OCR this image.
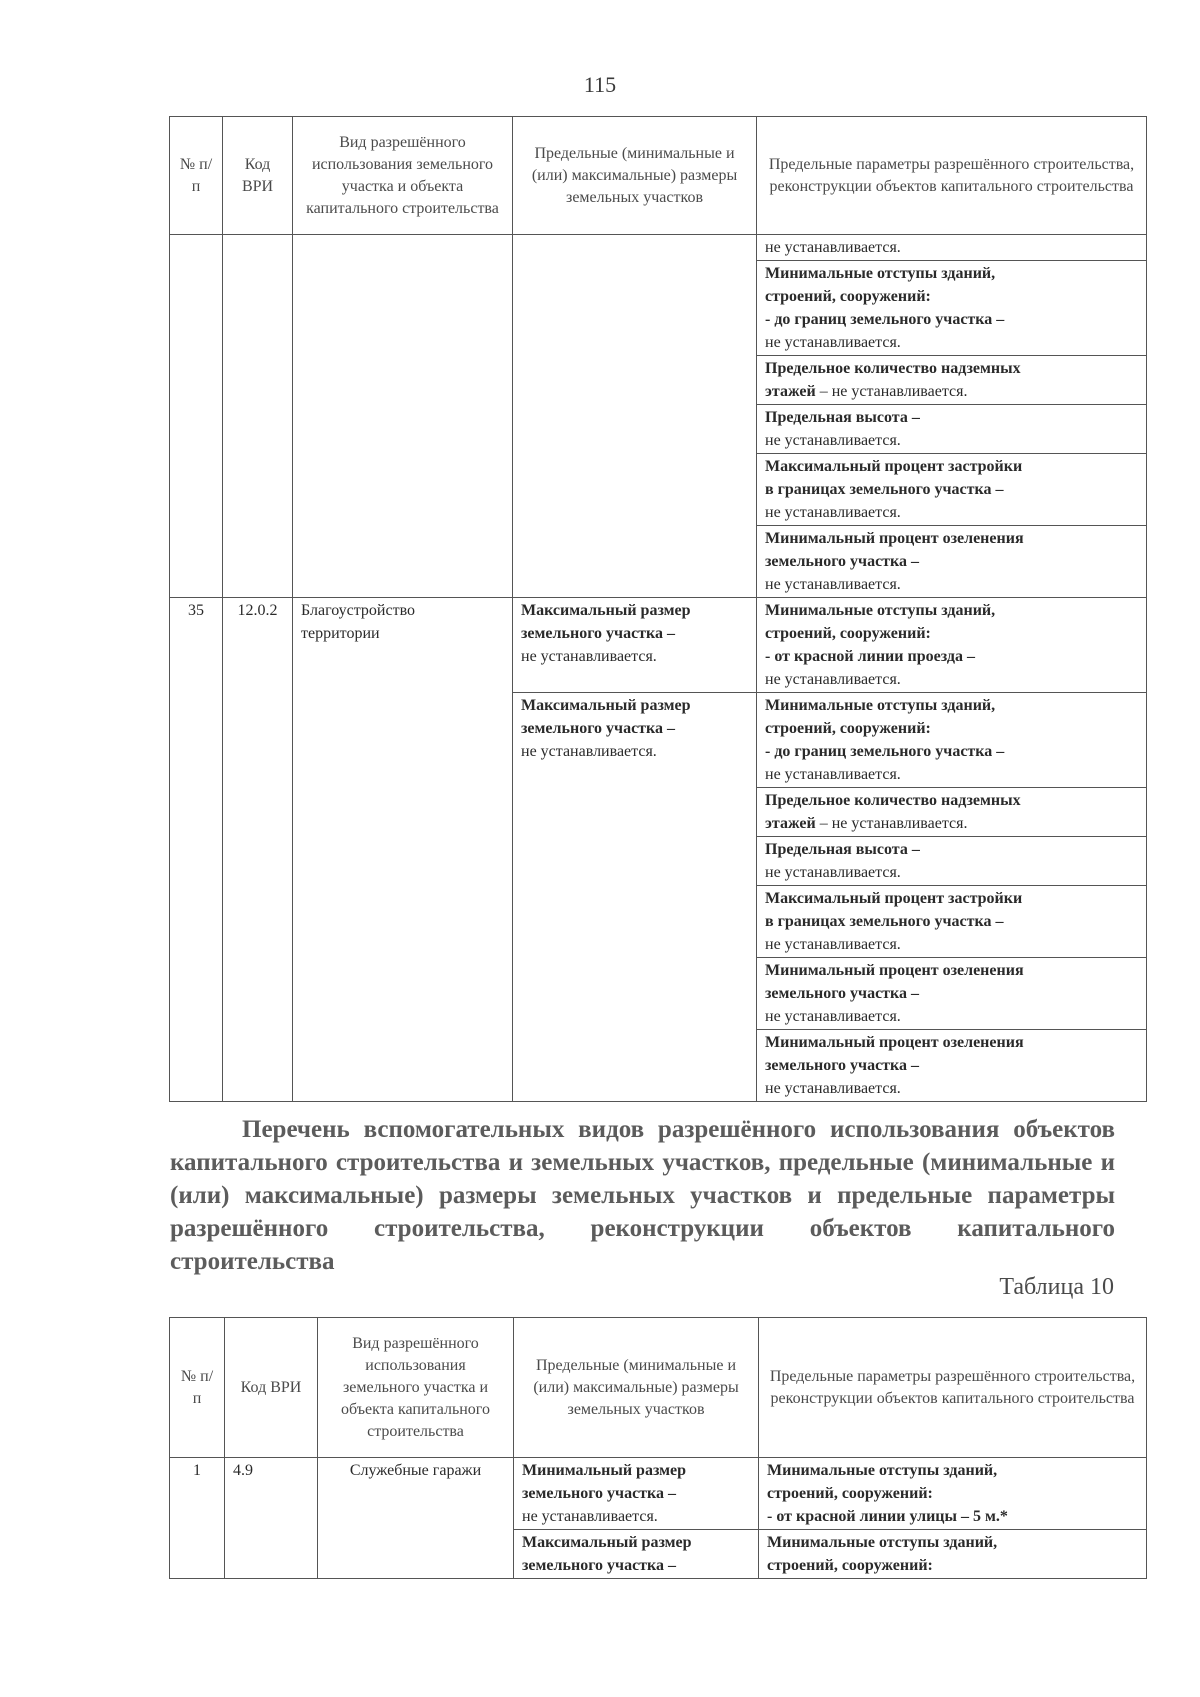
115
№ п/п	Код ВРИ	Вид разрешённого использования земельного участка и объекта капитального строительства	Предельные (минимальные и (или) максимальные) размеры земельных участков	Предельные параметры разрешённого строительства, реконструкции объектов капитального строительства

				не устанавливается.

				Минимальные отступы зданий,
строений, сооружений:
- до границ земельного участка –
не устанавливается.

				Предельное количество надземных
этажей – не устанавливается.

				Предельная высота –
не устанавливается.

				Максимальный процент застройки
в границах земельного участка –
не устанавливается.

				Минимальный процент озеленения
земельного участка –
не устанавливается.

35	12.0.2	Благоустройство
территории	Максимальный размер
земельного участка –
не устанавливается.	Минимальные отступы зданий,
строений, сооружений:
- от красной линии проезда –
не устанавливается.

			Максимальный размер
земельного участка –
не устанавливается.	Минимальные отступы зданий,
строений, сооружений:
- до границ земельного участка –
не устанавливается.

				Предельное количество надземных
этажей – не устанавливается.

				Предельная высота –
не устанавливается.

				Максимальный процент застройки
в границах земельного участка –
не устанавливается.

				Минимальный процент озеленения
земельного участка –
не устанавливается.

				Минимальный процент озеленения
земельного участка –
не устанавливается.
Перечень вспомогательных видов разрешённого использования объектов капитального строительства и земельных участков, предельные (минимальные и (или) максимальные) размеры земельных участков и предельные параметры разрешённого строительства, реконструкции объектов капитального строительства
Таблица 10
№ п/п	Код ВРИ	Вид разрешённого использования земельного участка и объекта капитального строительства	Предельные (минимальные и (или) максимальные) размеры земельных участков	Предельные параметры разрешённого строительства, реконструкции объектов капитального строительства
1	4.9	Служебные гаражи	Минимальный размер
земельного участка –
не устанавливается.	Минимальные отступы зданий,
строений, сооружений:
- от красной линии улицы – 5 м.*

			Максимальный размер
земельного участка –	Минимальные отступы зданий,
строений, сооружений:
